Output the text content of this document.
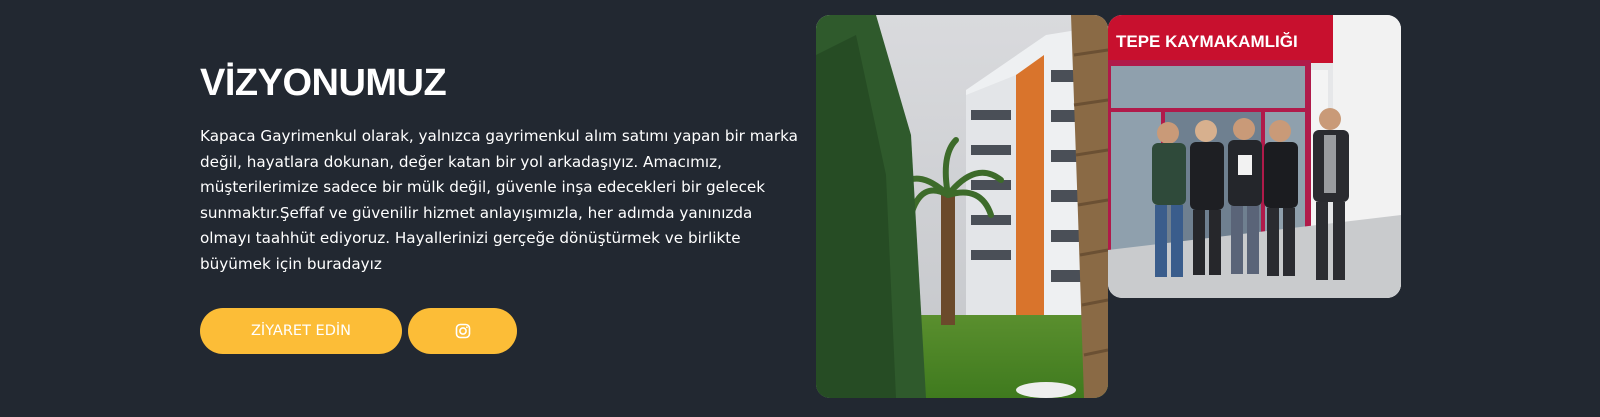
VİZYONUMUZ

Kapaca Gayrimenkul olarak, yalnızca gayrimenkul alım satımı yapan bir marka değil, hayatlara dokunan, değer katan bir yol arkadaşıyız. Amacımız, müşterilerimize sadece bir mülk değil, güvenle inşa edecekleri bir gelecek sunmaktır.Şeffaf ve güvenilir hizmet anlayışımızla, her adımda yanınızda olmayı taahhüt ediyoruz. Hayallerinizi gerçeğe dönüştürmek ve birlikte büyümek için buradayız

ZİYARET EDİN
TEPE KAYMAKAMLIĞI
